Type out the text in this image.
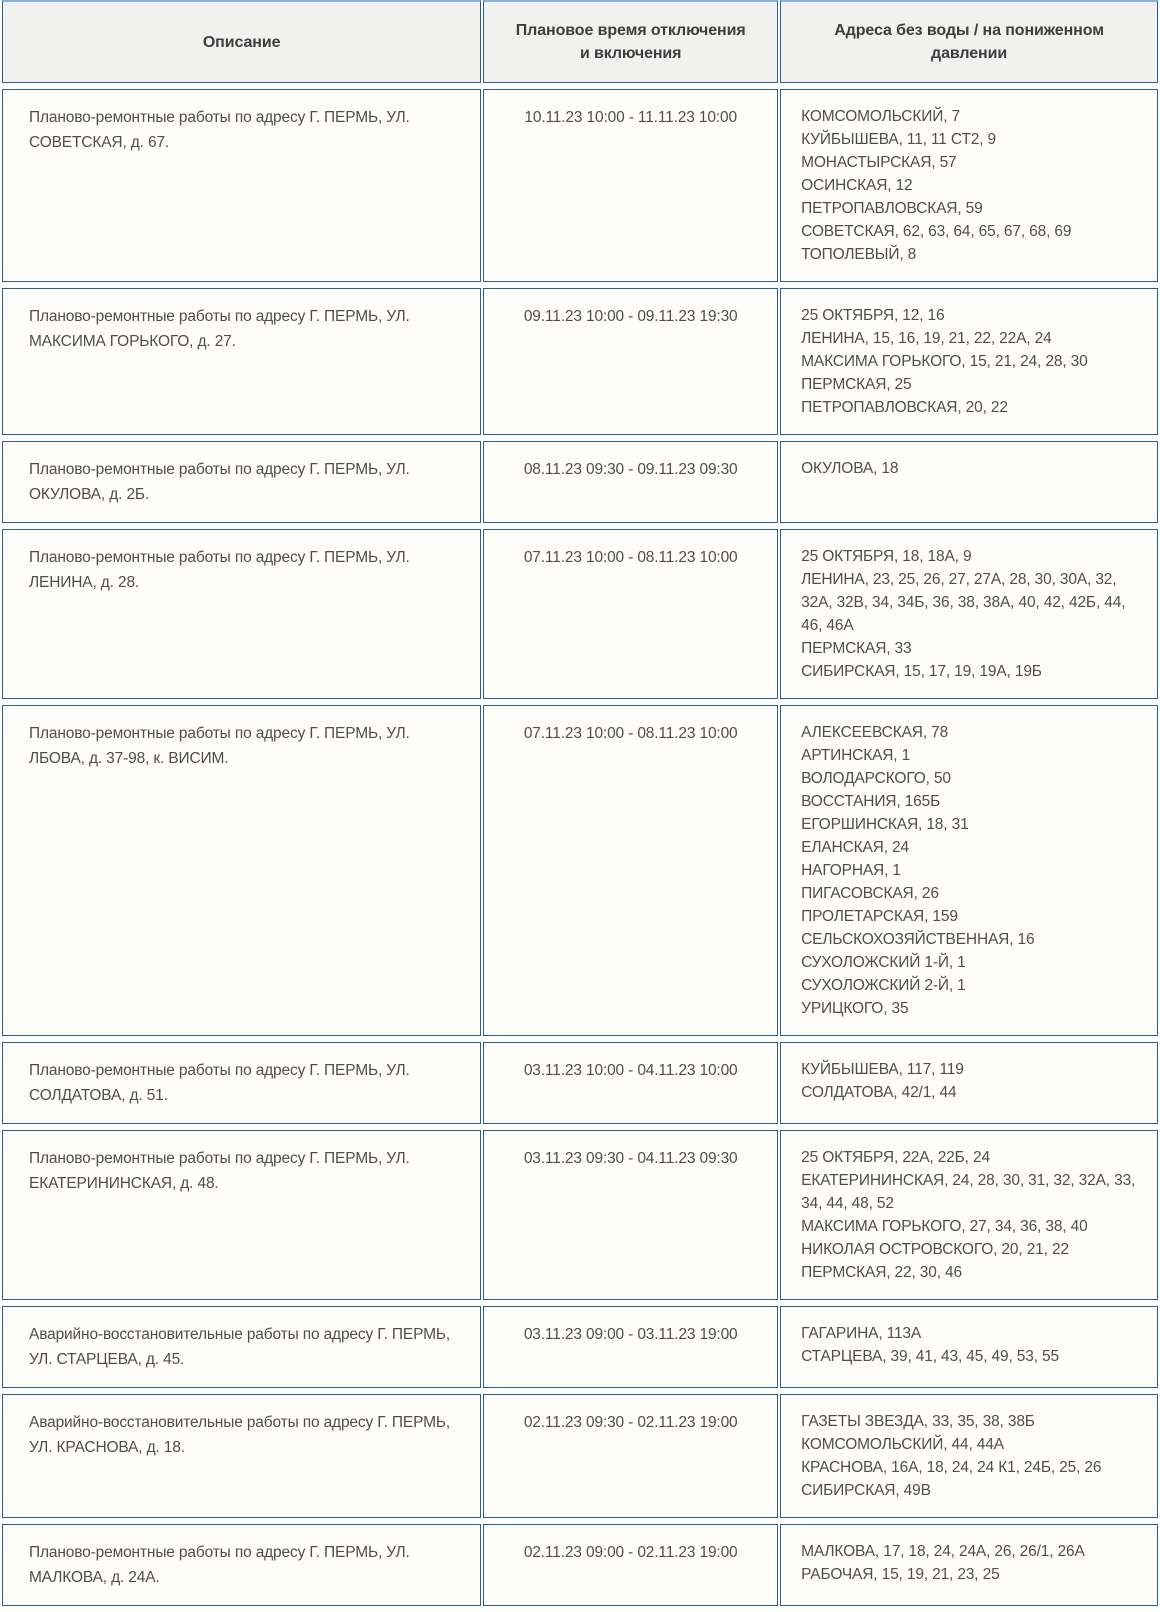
Описание	Плановое время отключения и включения	Адреса без воды / на пониженном давлении
Планово-ремонтные работы по адресу Г. ПЕРМЬ, УЛ. СОВЕТСКАЯ, д. 67.	10.11.23 10:00 - 11.11.23 10:00	КОМСОМОЛЬСКИЙ, 7
КУЙБЫШЕВА, 11, 11 СТ2, 9
МОНАСТЫРСКАЯ, 57
ОСИНСКАЯ, 12
ПЕТРОПАВЛОВСКАЯ, 59
СОВЕТСКАЯ, 62, 63, 64, 65, 67, 68, 69
ТОПОЛЕВЫЙ, 8

Планово-ремонтные работы по адресу Г. ПЕРМЬ, УЛ. МАКСИМА ГОРЬКОГО, д. 27.	09.11.23 10:00 - 09.11.23 19:30	25 ОКТЯБРЯ, 12, 16
ЛЕНИНА, 15, 16, 19, 21, 22, 22А, 24
МАКСИМА ГОРЬКОГО, 15, 21, 24, 28, 30
ПЕРМСКАЯ, 25
ПЕТРОПАВЛОВСКАЯ, 20, 22

Планово-ремонтные работы по адресу Г. ПЕРМЬ, УЛ. ОКУЛОВА, д. 2Б.	08.11.23 09:30 - 09.11.23 09:30	ОКУЛОВА, 18

Планово-ремонтные работы по адресу Г. ПЕРМЬ, УЛ. ЛЕНИНА, д. 28.	07.11.23 10:00 - 08.11.23 10:00	25 ОКТЯБРЯ, 18, 18А, 9
ЛЕНИНА, 23, 25, 26, 27, 27А, 28, 30, 30А, 32, 32А, 32В, 34, 34Б, 36, 38, 38А, 40, 42, 42Б, 44, 46, 46А
ПЕРМСКАЯ, 33
СИБИРСКАЯ, 15, 17, 19, 19А, 19Б

Планово-ремонтные работы по адресу Г. ПЕРМЬ, УЛ. ЛБОВА, д. 37-98, к. ВИСИМ.	07.11.23 10:00 - 08.11.23 10:00	АЛЕКСЕЕВСКАЯ, 78
АРТИНСКАЯ, 1
ВОЛОДАРСКОГО, 50
ВОССТАНИЯ, 165Б
ЕГОРШИНСКАЯ, 18, 31
ЕЛАНСКАЯ, 24
НАГОРНАЯ, 1
ПИГАСОВСКАЯ, 26
ПРОЛЕТАРСКАЯ, 159
СЕЛЬСКОХОЗЯЙСТВЕННАЯ, 16
СУХОЛОЖСКИЙ 1-Й, 1
СУХОЛОЖСКИЙ 2-Й, 1
УРИЦКОГО, 35

Планово-ремонтные работы по адресу Г. ПЕРМЬ, УЛ. СОЛДАТОВА, д. 51.	03.11.23 10:00 - 04.11.23 10:00	КУЙБЫШЕВА, 117, 119
СОЛДАТОВА, 42/1, 44

Планово-ремонтные работы по адресу Г. ПЕРМЬ, УЛ. ЕКАТЕРИНИНСКАЯ, д. 48.	03.11.23 09:30 - 04.11.23 09:30	25 ОКТЯБРЯ, 22А, 22Б, 24
ЕКАТЕРИНИНСКАЯ, 24, 28, 30, 31, 32, 32А, 33, 34, 44, 48, 52
МАКСИМА ГОРЬКОГО, 27, 34, 36, 38, 40
НИКОЛАЯ ОСТРОВСКОГО, 20, 21, 22
ПЕРМСКАЯ, 22, 30, 46

Аварийно-восстановительные работы по адресу Г. ПЕРМЬ, УЛ. СТАРЦЕВА, д. 45.	03.11.23 09:00 - 03.11.23 19:00	ГАГАРИНА, 113А
СТАРЦЕВА, 39, 41, 43, 45, 49, 53, 55

Аварийно-восстановительные работы по адресу Г. ПЕРМЬ, УЛ. КРАСНОВА, д. 18.	02.11.23 09:30 - 02.11.23 19:00	ГАЗЕТЫ ЗВЕЗДА, 33, 35, 38, 38Б
КОМСОМОЛЬСКИЙ, 44, 44А
КРАСНОВА, 16А, 18, 24, 24 К1, 24Б, 25, 26
СИБИРСКАЯ, 49В

Планово-ремонтные работы по адресу Г. ПЕРМЬ, УЛ. МАЛКОВА, д. 24А.	02.11.23 09:00 - 02.11.23 19:00	МАЛКОВА, 17, 18, 24, 24А, 26, 26/1, 26А
РАБОЧАЯ, 15, 19, 21, 23, 25
